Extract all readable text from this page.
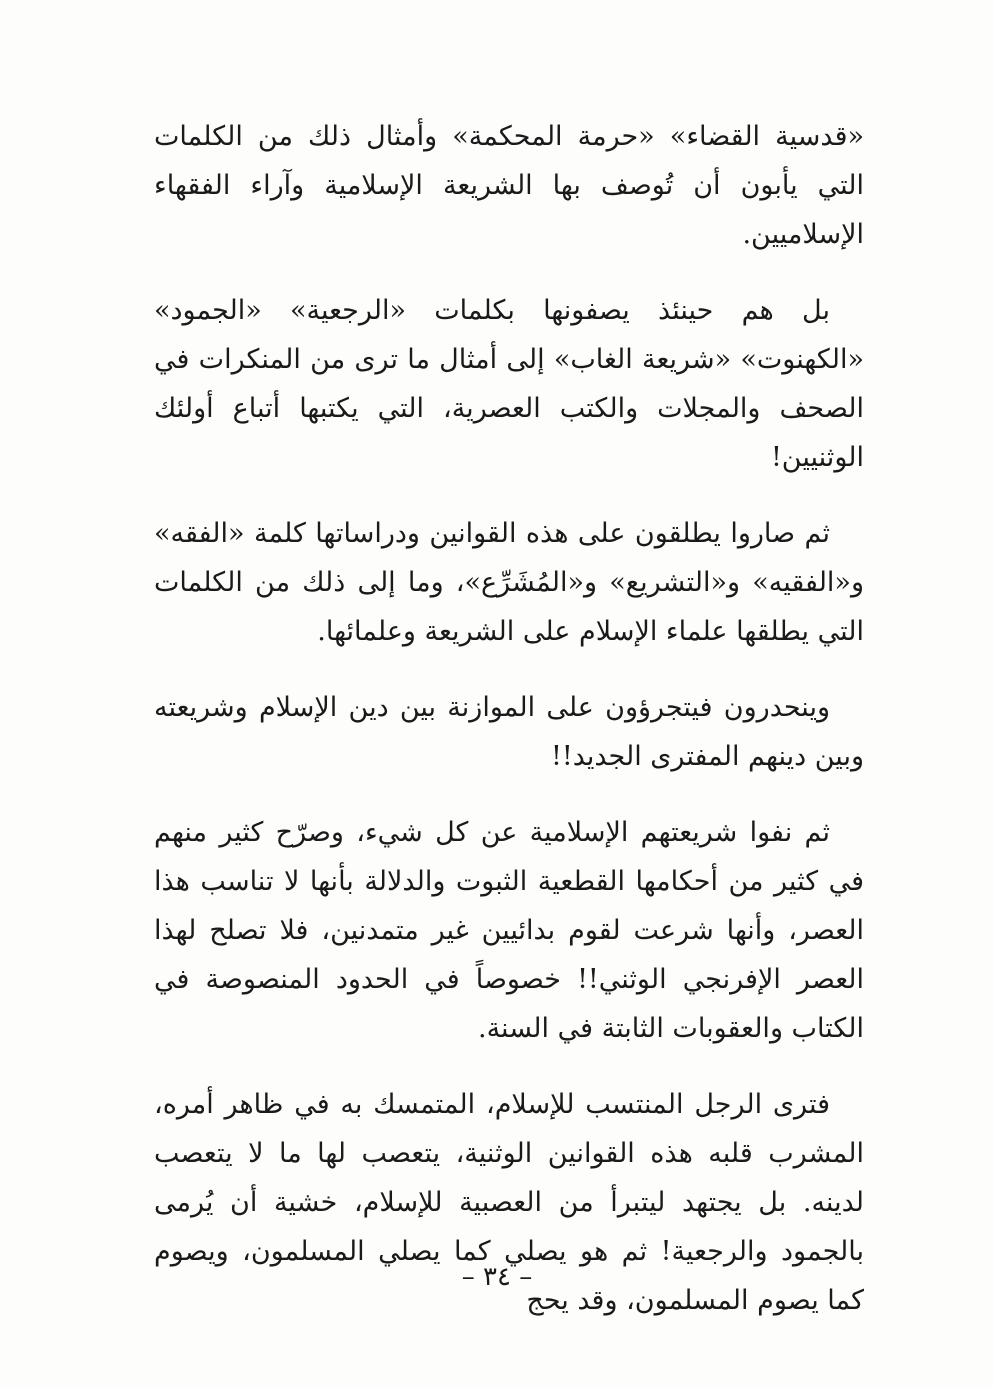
«قدسية القضاء» «حرمة المحكمة» وأمثال ذلك من الكلمات التي يأبون أن تُوصف بها الشريعة الإسلامية وآراء الفقهاء الإسلاميين.

بل هم حينئذ يصفونها بكلمات «الرجعية» «الجمود» «الكهنوت» «شريعة الغاب» إلى أمثال ما ترى من المنكرات في الصحف والمجلات والكتب العصرية، التي يكتبها أتباع أولئك الوثنيين!

ثم صاروا يطلقون على هذه القوانين ودراساتها كلمة «الفقه» و«الفقيه» و«التشريع» و«المُشَرِّع»، وما إلى ذلك من الكلمات التي يطلقها علماء الإسلام على الشريعة وعلمائها.

وينحدرون فيتجرؤون على الموازنة بين دين الإسلام وشريعته وبين دينهم المفترى الجديد!!

ثم نفوا شريعتهم الإسلامية عن كل شيء، وصرّح كثير منهم في كثير من أحكامها القطعية الثبوت والدلالة بأنها لا تناسب هذا العصر، وأنها شرعت لقوم بدائيين غير متمدنين، فلا تصلح لهذا العصر الإفرنجي الوثني!! خصوصاً في الحدود المنصوصة في الكتاب والعقوبات الثابتة في السنة.

فترى الرجل المنتسب للإسلام، المتمسك به في ظاهر أمره، المشرب قلبه هذه القوانين الوثنية، يتعصب لها ما لا يتعصب لدينه. بل يجتهد ليتبرأ من العصبية للإسلام، خشية أن يُرمى بالجمود والرجعية! ثم هو يصلي كما يصلي المسلمون، ويصوم كما يصوم المسلمون، وقد يحج

– ٣٤ –
